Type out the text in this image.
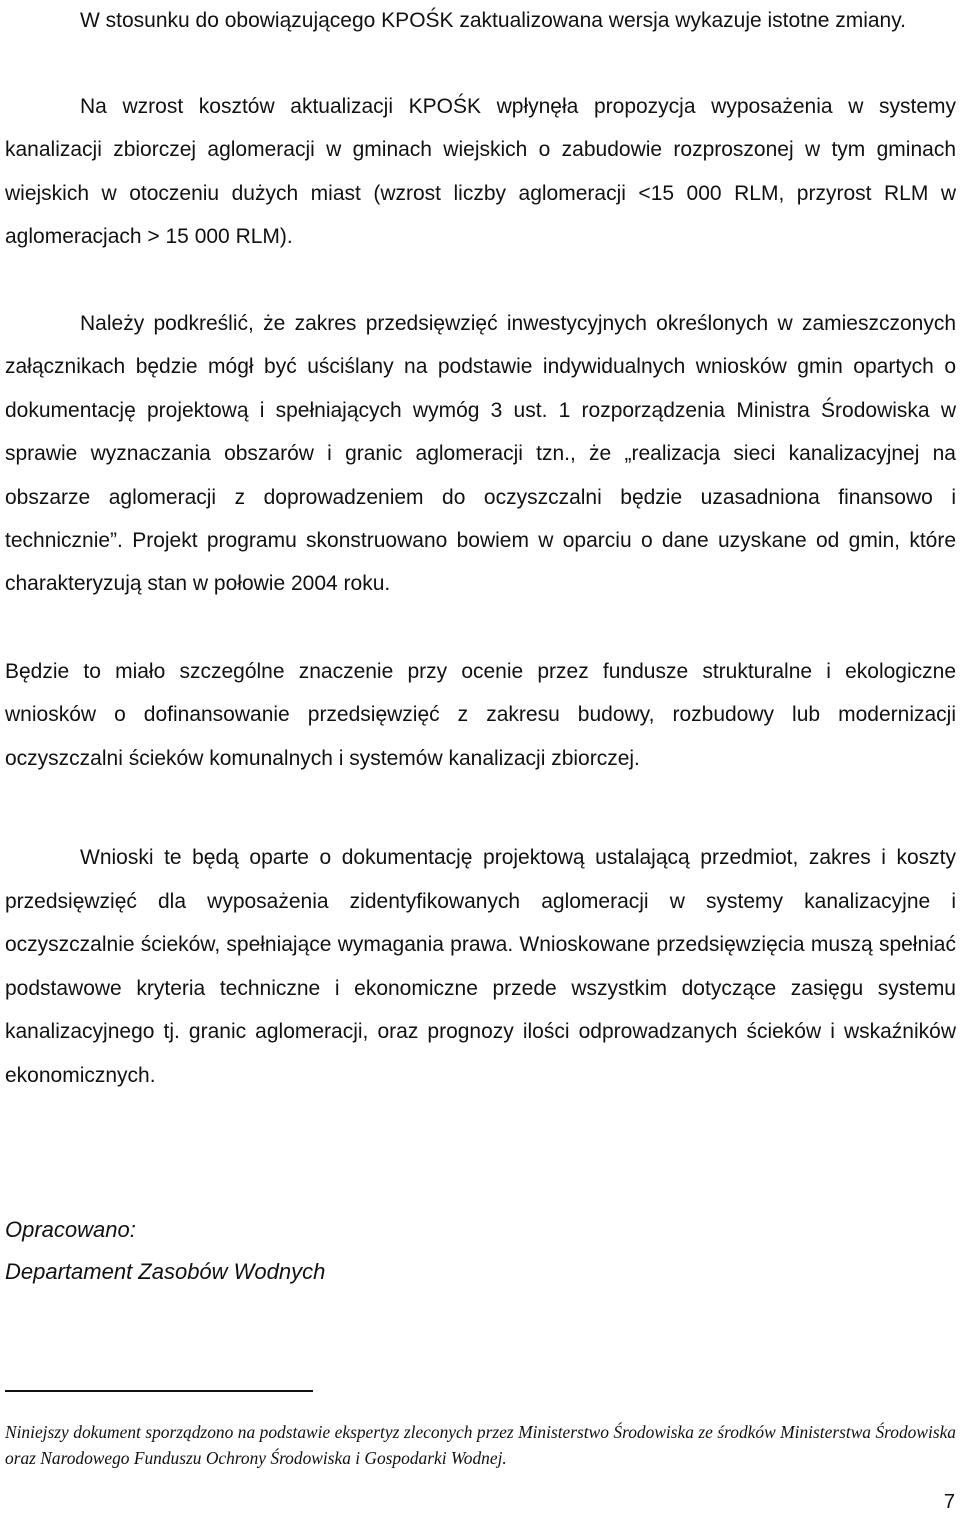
W stosunku do obowiązującego KPOŚK zaktualizowana wersja wykazuje istotne zmiany.

Na wzrost kosztów aktualizacji KPOŚK wpłynęła propozycja wyposażenia w systemy kanalizacji zbiorczej aglomeracji w gminach wiejskich o zabudowie rozproszonej w tym gminach wiejskich w otoczeniu dużych miast (wzrost liczby aglomeracji <15 000 RLM, przyrost RLM w aglomeracjach > 15 000 RLM).

Należy podkreślić, że zakres przedsięwzięć inwestycyjnych określonych w zamieszczonych załącznikach będzie mógł być uściślany na podstawie indywidualnych wniosków gmin opartych o dokumentację projektową i spełniających wymóg 3 ust. 1 rozporządzenia Ministra Środowiska w sprawie wyznaczania obszarów i granic aglomeracji tzn., że „realizacja sieci kanalizacyjnej na obszarze aglomeracji z doprowadzeniem do oczyszczalni będzie uzasadniona finansowo i technicznie”. Projekt programu skonstruowano bowiem w oparciu o dane uzyskane od gmin, które charakteryzują stan w połowie 2004 roku.

Będzie to miało szczególne znaczenie przy ocenie przez fundusze strukturalne i ekologiczne wniosków o dofinansowanie przedsięwzięć z zakresu budowy, rozbudowy lub modernizacji oczyszczalni ścieków komunalnych i systemów kanalizacji zbiorczej.

Wnioski te będą oparte o dokumentację projektową ustalającą przedmiot, zakres i koszty przedsięwzięć dla wyposażenia zidentyfikowanych aglomeracji w systemy kanalizacyjne i oczyszczalnie ścieków, spełniające wymagania prawa. Wnioskowane przedsięwzięcia muszą spełniać podstawowe kryteria techniczne i ekonomiczne przede wszystkim dotyczące zasięgu systemu kanalizacyjnego tj. granic aglomeracji, oraz prognozy ilości odprowadzanych ścieków i wskaźników ekonomicznych.

Opracowano:

Departament Zasobów Wodnych

Niniejszy dokument sporządzono na podstawie ekspertyz zleconych przez Ministerstwo Środowiska ze środków Ministerstwa Środowiska oraz Narodowego Funduszu Ochrony Środowiska i Gospodarki Wodnej.

7
